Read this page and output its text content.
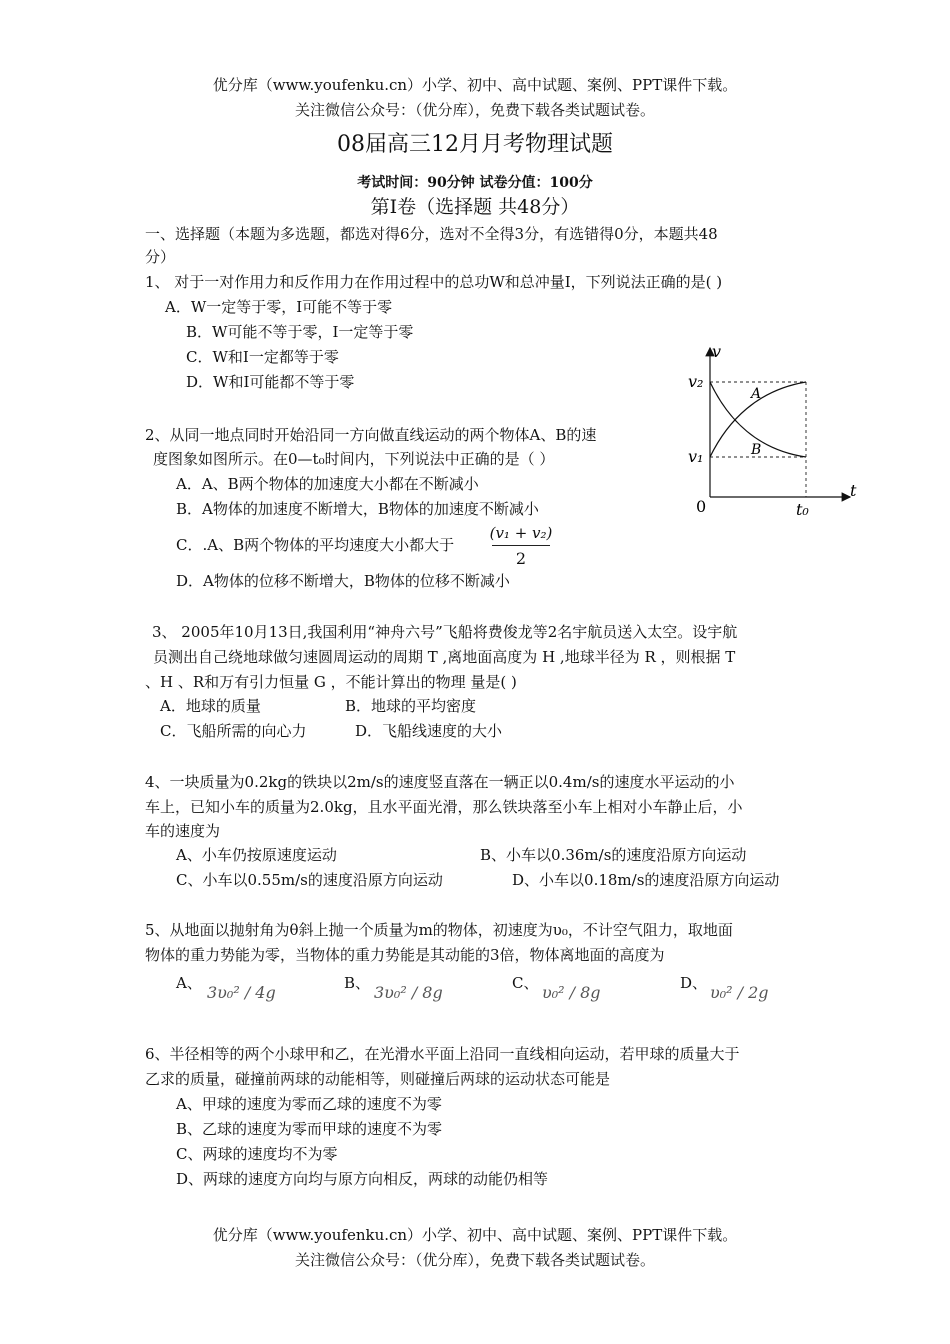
优分库（www.youfenku.cn）小学、初中、高中试题、案例、PPT课件下载。
关注微信公众号：（优分库），免费下载各类试题试卷。
08届高三12月月考物理试题
考试时间：90分钟 试卷分值：100分
第Ⅰ卷（选择题 共48分）
一、选择题（本题为多选题，都选对得6分，选对不全得3分，有选错得0分，本题共48
分）
1、 对于一对作用力和反作用力在作用过程中的总功W和总冲量I，下列说法正确的是( )
A．W一定等于零，I可能不等于零
B．W可能不等于零，I一定等于零
C．W和I一定都等于零
D．W和I可能都不等于零
v
t
v₂
v₁
0	t₀
A
B
2、从同一地点同时开始沿同一方向做直线运动的两个物体A、B的速
度图象如图所示。在0—t₀时间内，下列说法中正确的是（ ）
A．A、B两个物体的加速度大小都在不断减小
B．A物体的加速度不断增大，B物体的加速度不断减小
C．.A、B两个物体的平均速度大小都大于
(v₁ + v₂)
2
D．A物体的位移不断增大，B物体的位移不断减小
3、 2005年10月13日,我国利用“神舟六号”飞船将费俊龙等2名宇航员送入太空。设宇航
员测出自己绕地球做匀速圆周运动的周期 T ,离地面高度为 H ,地球半径为 R ，则根据 T
、H 、R和万有引力恒量 G ，不能计算出的物理 量是( )
A．地球的质量	B．地球的平均密度
C．飞船所需的向心力	D．飞船线速度的大小
4、一块质量为0.2kg的铁块以2m/s的速度竖直落在一辆正以0.4m/s的速度水平运动的小
车上，已知小车的质量为2.0kg，且水平面光滑，那么铁块落至小车上相对小车静止后，小
车的速度为
A、小车仍按原速度运动	B、小车以0.36m/s的速度沿原方向运动
C、小车以0.55m/s的速度沿原方向运动	D、小车以0.18m/s的速度沿原方向运动
5、从地面以抛射角为θ斜上抛一个质量为m的物体，初速度为υ₀，不计空气阻力，取地面
物体的重力势能为零，当物体的重力势能是其动能的3倍，物体离地面的高度为
A、 3υ₀² / 4g	B、 3υ₀² / 8g	C、 υ₀² / 8g	D、 υ₀² / 2g
6、半径相等的两个小球甲和乙，在光滑水平面上沿同一直线相向运动，若甲球的质量大于
乙求的质量，碰撞前两球的动能相等，则碰撞后两球的运动状态可能是
A、甲球的速度为零而乙球的速度不为零
B、乙球的速度为零而甲球的速度不为零
C、两球的速度均不为零
D、两球的速度方向均与原方向相反，两球的动能仍相等
优分库（www.youfenku.cn）小学、初中、高中试题、案例、PPT课件下载。
关注微信公众号：（优分库），免费下载各类试题试卷。
